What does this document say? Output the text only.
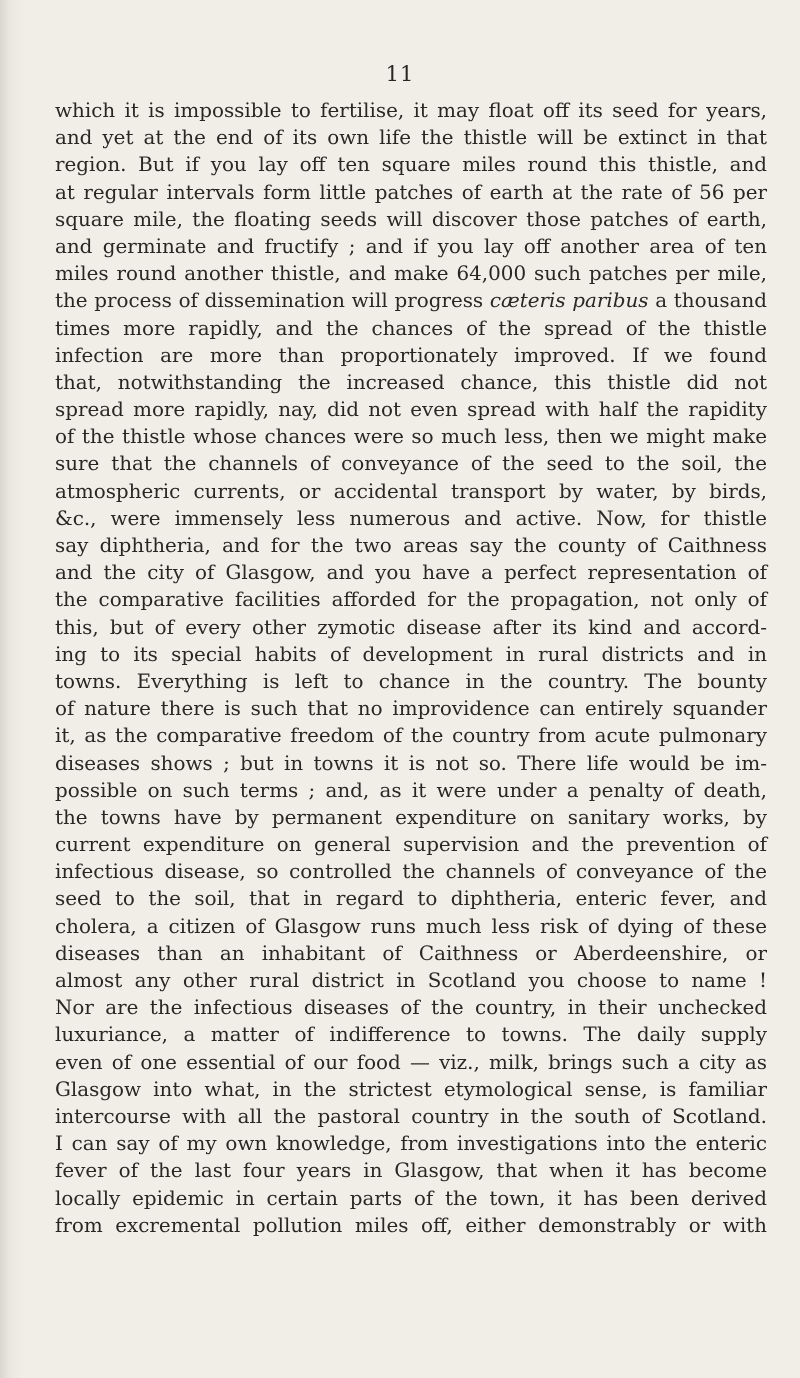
11
which it is impossible to fertilise, it may float off its seed for years,
and yet at the end of its own life the thistle will be extinct in that
region. But if you lay off ten square miles round this thistle, and
at regular intervals form little patches of earth at the rate of 56 per
square mile, the floating seeds will discover those patches of earth,
and germinate and fructify ; and if you lay off another area of ten
miles round another thistle, and make 64,000 such patches per mile,
the process of dissemination will progress cæteris paribus a thousand
times more rapidly, and the chances of the spread of the thistle
infection are more than proportionately improved. If we found
that, notwithstanding the increased chance, this thistle did not
spread more rapidly, nay, did not even spread with half the rapidity
of the thistle whose chances were so much less, then we might make
sure that the channels of conveyance of the seed to the soil, the
atmospheric currents, or accidental transport by water, by birds,
&c., were immensely less numerous and active. Now, for thistle
say diphtheria, and for the two areas say the county of Caithness
and the city of Glasgow, and you have a perfect representation of
the comparative facilities afforded for the propagation, not only of
this, but of every other zymotic disease after its kind and accord-
ing to its special habits of development in rural districts and in
towns. Everything is left to chance in the country. The bounty
of nature there is such that no improvidence can entirely squander
it, as the comparative freedom of the country from acute pulmonary
diseases shows ; but in towns it is not so. There life would be im-
possible on such terms ; and, as it were under a penalty of death,
the towns have by permanent expenditure on sanitary works, by
current expenditure on general supervision and the prevention of
infectious disease, so controlled the channels of conveyance of the
seed to the soil, that in regard to diphtheria, enteric fever, and
cholera, a citizen of Glasgow runs much less risk of dying of these
diseases than an inhabitant of Caithness or Aberdeenshire, or
almost any other rural district in Scotland you choose to name !
Nor are the infectious diseases of the country, in their unchecked
luxuriance, a matter of indifference to towns. The daily supply
even of one essential of our food — viz., milk, brings such a city as
Glasgow into what, in the strictest etymological sense, is familiar
intercourse with all the pastoral country in the south of Scotland.
I can say of my own knowledge, from investigations into the enteric
fever of the last four years in Glasgow, that when it has become
locally epidemic in certain parts of the town, it has been derived
from excremental pollution miles off, either demonstrably or with
